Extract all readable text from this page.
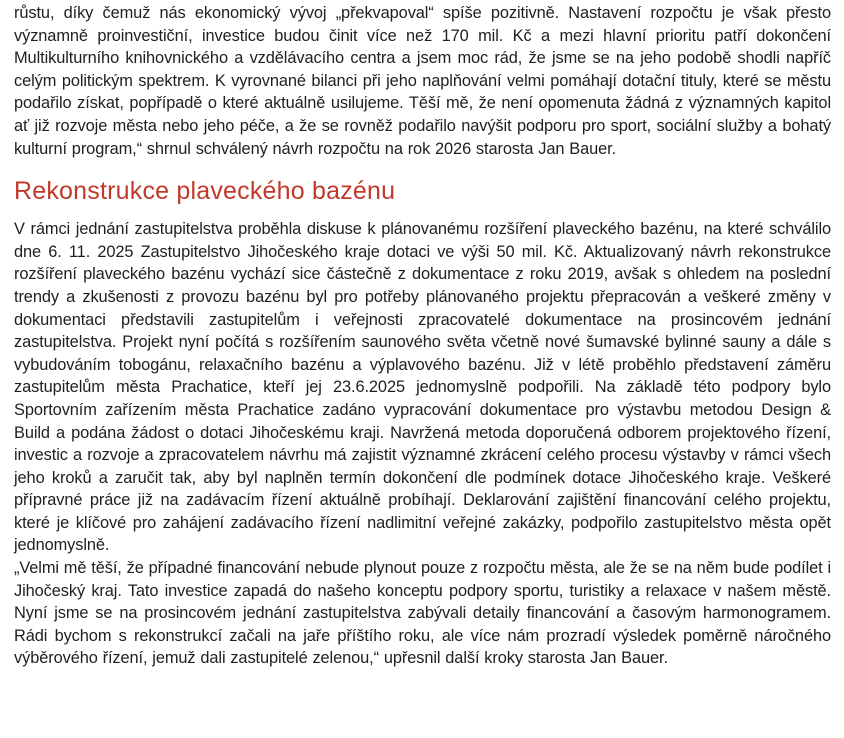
růstu, díky čemuž nás ekonomický vývoj „překvapoval“ spíše pozitivně. Nastavení rozpočtu je však přesto významně proinvestiční, investice budou činit více než 170 mil. Kč a mezi hlavní prioritu patří dokončení Multikulturního knihovnického a vzdělávacího centra a jsem moc rád, že jsme se na jeho podobě shodli napříč celým politickým spektrem. K vyrovnané bilanci při jeho naplňování velmi pomáhají dotační tituly, které se městu podařilo získat, popřípadě o které aktuálně usilujeme. Těší mě, že není opomenuta žádná z významných kapitol ať již rozvoje města nebo jeho péče, a že se rovněž podařilo navýšit podporu pro sport, sociální služby a bohatý kulturní program,“ shrnul schválený návrh rozpočtu na rok 2026 starosta Jan Bauer.

Rekonstrukce plaveckého bazénu

V rámci jednání zastupitelstva proběhla diskuse k plánovanému rozšíření plaveckého bazénu, na které schválilo dne 6. 11. 2025 Zastupitelstvo Jihočeského kraje dotaci ve výši 50 mil. Kč. Aktualizovaný návrh rekonstrukce rozšíření plaveckého bazénu vychází sice částečně z dokumentace z roku 2019, avšak s ohledem na poslední trendy a zkušenosti z provozu bazénu byl pro potřeby plánovaného projektu přepracován a veškeré změny v dokumentaci představili zastupitelům i veřejnosti zpracovatelé dokumentace na prosincovém jednání zastupitelstva. Projekt nyní počítá s rozšířením saunového světa včetně nové šumavské bylinné sauny a dále s vybudováním tobogánu, relaxačního bazénu a výplavového bazénu. Již v létě proběhlo představení záměru zastupitelům města Prachatice, kteří jej 23.6.2025 jednomyslně podpořili. Na základě této podpory bylo Sportovním zařízením města Prachatice zadáno vypracování dokumentace pro výstavbu metodou Design & Build a podána žádost o dotaci Jihočeskému kraji. Navržená metoda doporučená odborem projektového řízení, investic a rozvoje a zpracovatelem návrhu má zajistit významné zkrácení celého procesu výstavby v rámci všech jeho kroků a zaručit tak, aby byl naplněn termín dokončení dle podmínek dotace Jihočeského kraje. Veškeré přípravné práce již na zadávacím řízení aktuálně probíhají. Deklarování zajištění financování celého projektu, které je klíčové pro zahájení zadávacího řízení nadlimitní veřejné zakázky, podpořilo zastupitelstvo města opět jednomyslně.

„Velmi mě těší, že případné financování nebude plynout pouze z rozpočtu města, ale že se na něm bude podílet i Jihočeský kraj. Tato investice zapadá do našeho konceptu podpory sportu, turistiky a relaxace v našem městě. Nyní jsme se na prosincovém jednání zastupitelstva zabývali detaily financování a časovým harmonogramem. Rádi bychom s rekonstrukcí začali na jaře příštího roku, ale více nám prozradí výsledek poměrně náročného výběrového řízení, jemuž dali zastupitelé zelenou,“ upřesnil další kroky starosta Jan Bauer.
